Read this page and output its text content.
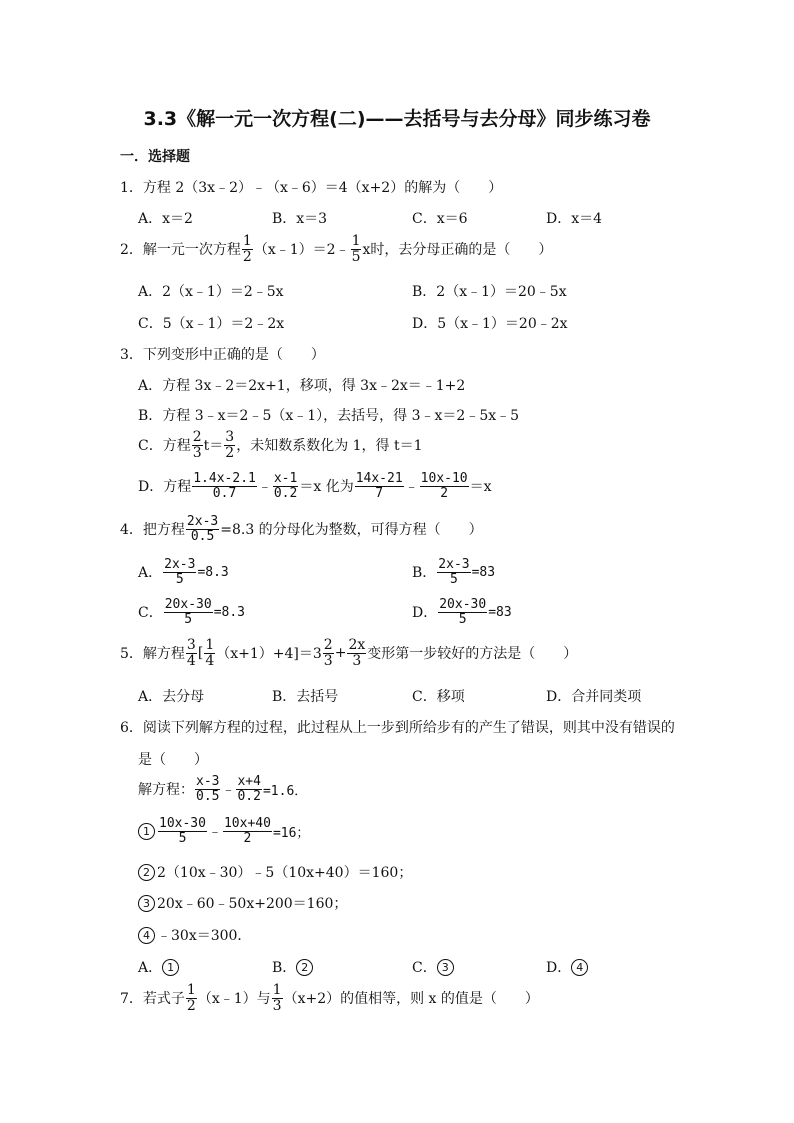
3.3《解一元一次方程(二)——去括号与去分母》同步练习卷
一．选择题
1．方程 2（3x﹣2）﹣（x﹣6）＝4（x+2）的解为（　　）
A．x＝2	B．x＝3	C．x＝6	D．x＝4
2．解一元一次方程 $\frac{1}{2}$ （x﹣1）＝2﹣ $\frac{1}{5}$ x时，去分母正确的是（　　）
A．2（x﹣1）＝2﹣5x	B．2（x﹣1）＝20﹣5x
C．5（x﹣1）＝2﹣2x	D．5（x﹣1）＝20﹣2x
3．下列变形中正确的是（　　）
A．方程 3x﹣2＝2x+1，移项，得 3x﹣2x＝﹣1+2
B．方程 3﹣x＝2﹣5（x﹣1），去括号，得 3﹣x＝2﹣5x﹣5
C．方程 $\frac{2}{3} t= \frac{3}{2}$ ，未知数系数化为 1，得 t＝1
D．方程 $\frac{1.4x-2.1}{0.7}$ ﹣ $\frac{x-1}{0.2} =x$ 化为 $\frac{14x-21}{7}$ ﹣ $\frac{10x-10}{2} =x$
4．把方程 $\frac{2x-3}{0.5} =8.3$ 的分母化为整数，可得方程（　　）
A． $\frac{2x-3}{5} =8.3$	B． $\frac{2x-3}{5} =83$
C． $\frac{20x-30}{5} =8.3$	D． $\frac{20x-30}{5} =83$
5．解方程 $\frac{3}{4}$ [ $\frac{1}{4} (x+1)+4]=3 \frac{2}{3} + \frac{2x}{3}$ 变形第一步较好的方法是（　　）
A．去分母	B．去括号	C．移项	D．合并同类项
6．阅读下列解方程的过程，此过程从上一步到所给步有的产生了错误，则其中没有错误的
是（　　）
解方程： $\frac{x-3}{0.5}$ ﹣ $\frac{x+4}{0.2} =1.6$．
$1 \frac{10x-30}{5}$ ﹣ $\frac{10x+40}{2} =16$；
2 2（10x﹣30）﹣5（10x+40）＝160；
3 20x﹣60﹣50x+200＝160；
4 ﹣30x＝300．
A． 1	B． 2	C． 3	D． 4
7．若式子 $\frac{1}{2}$ （x﹣1）与 $\frac{1}{3} (x+2)$的值相等，则 x 的值是（　　）
